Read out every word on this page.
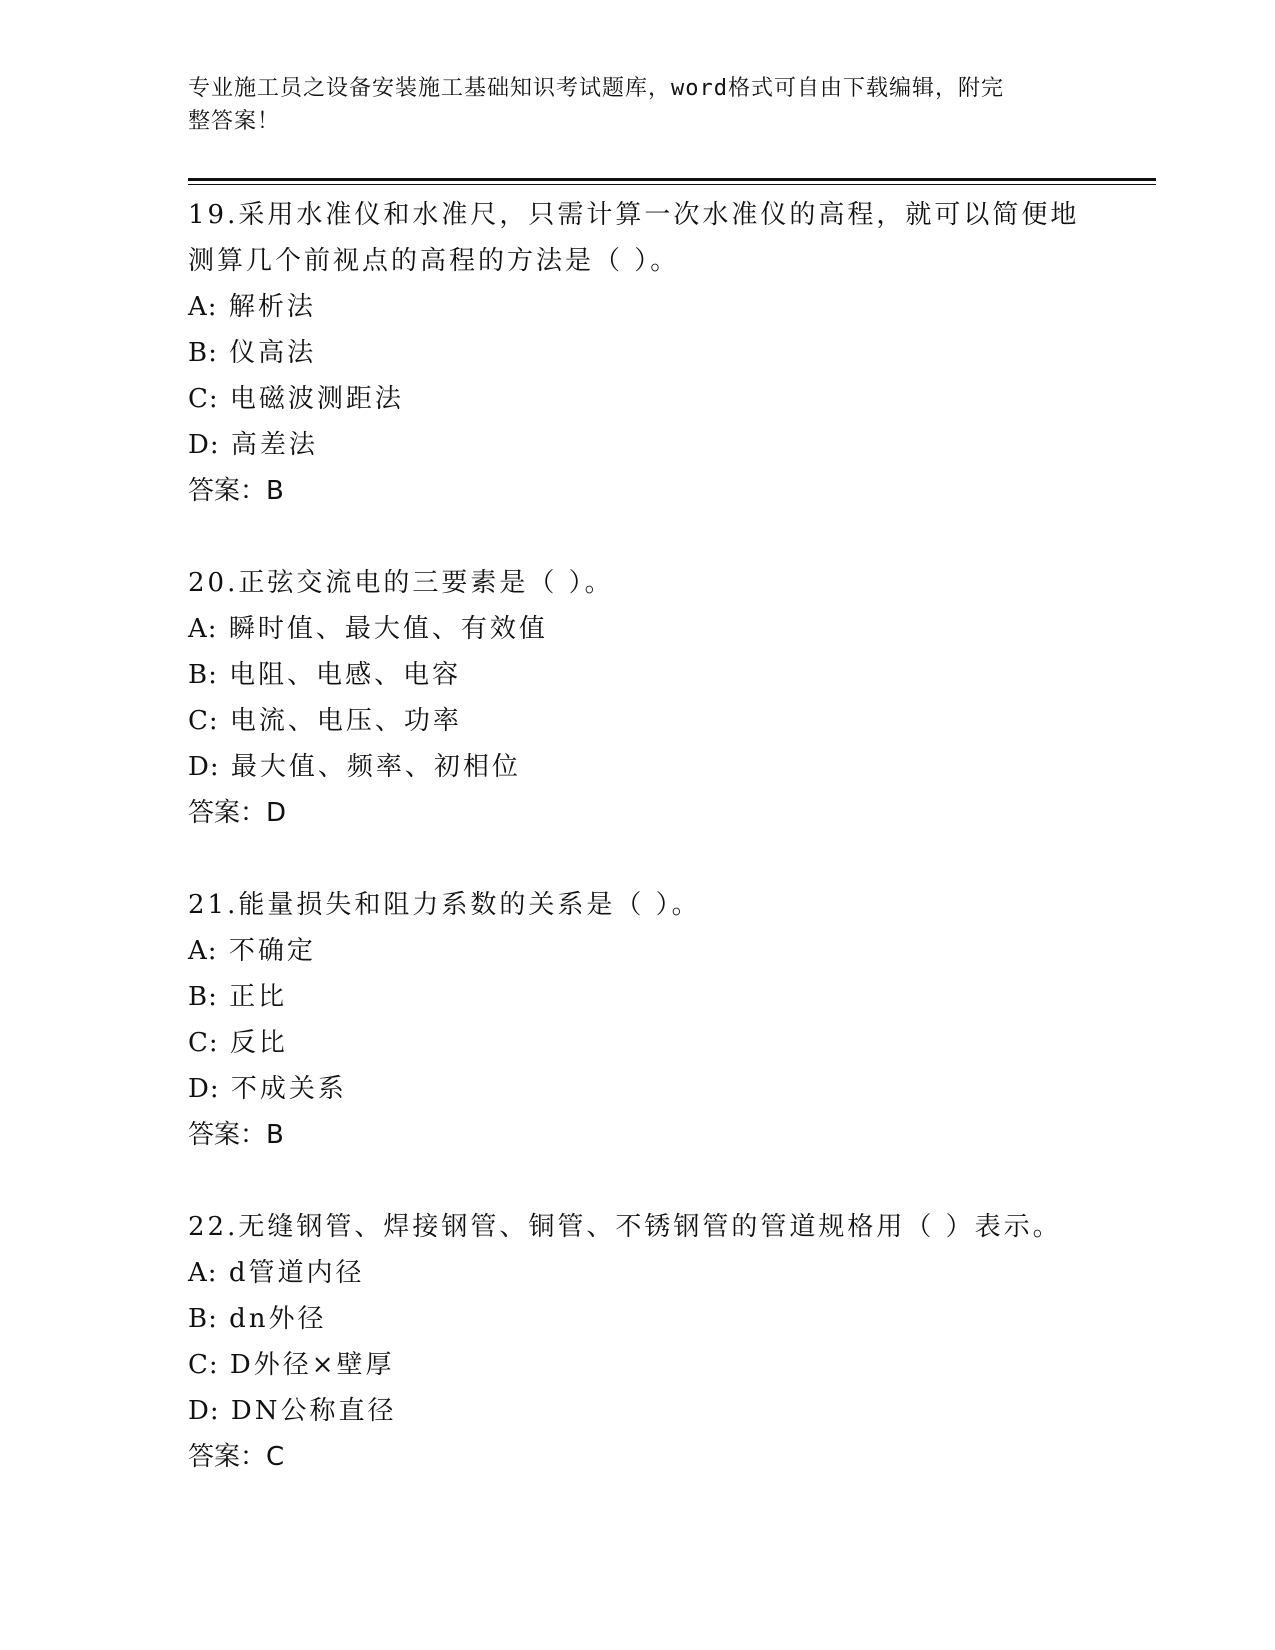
专业施工员之设备安装施工基础知识考试题库，word格式可自由下载编辑，附完
整答案！
19.采用水准仪和水准尺，只需计算一次水准仪的高程，就可以简便地
测算几个前视点的高程的方法是（ ）。
A: 解析法
B: 仪高法
C: 电磁波测距法
D: 高差法
答案：B
20.正弦交流电的三要素是（ ）。
A: 瞬时值、最大值、有效值
B: 电阻、电感、电容
C: 电流、电压、功率
D: 最大值、频率、初相位
答案：D
21.能量损失和阻力系数的关系是（ ）。
A: 不确定
B: 正比
C: 反比
D: 不成关系
答案：B
22.无缝钢管、焊接钢管、铜管、不锈钢管的管道规格用（ ）表示。
A: d管道内径
B: dn外径
C: D外径×壁厚
D: DN公称直径
答案：C
